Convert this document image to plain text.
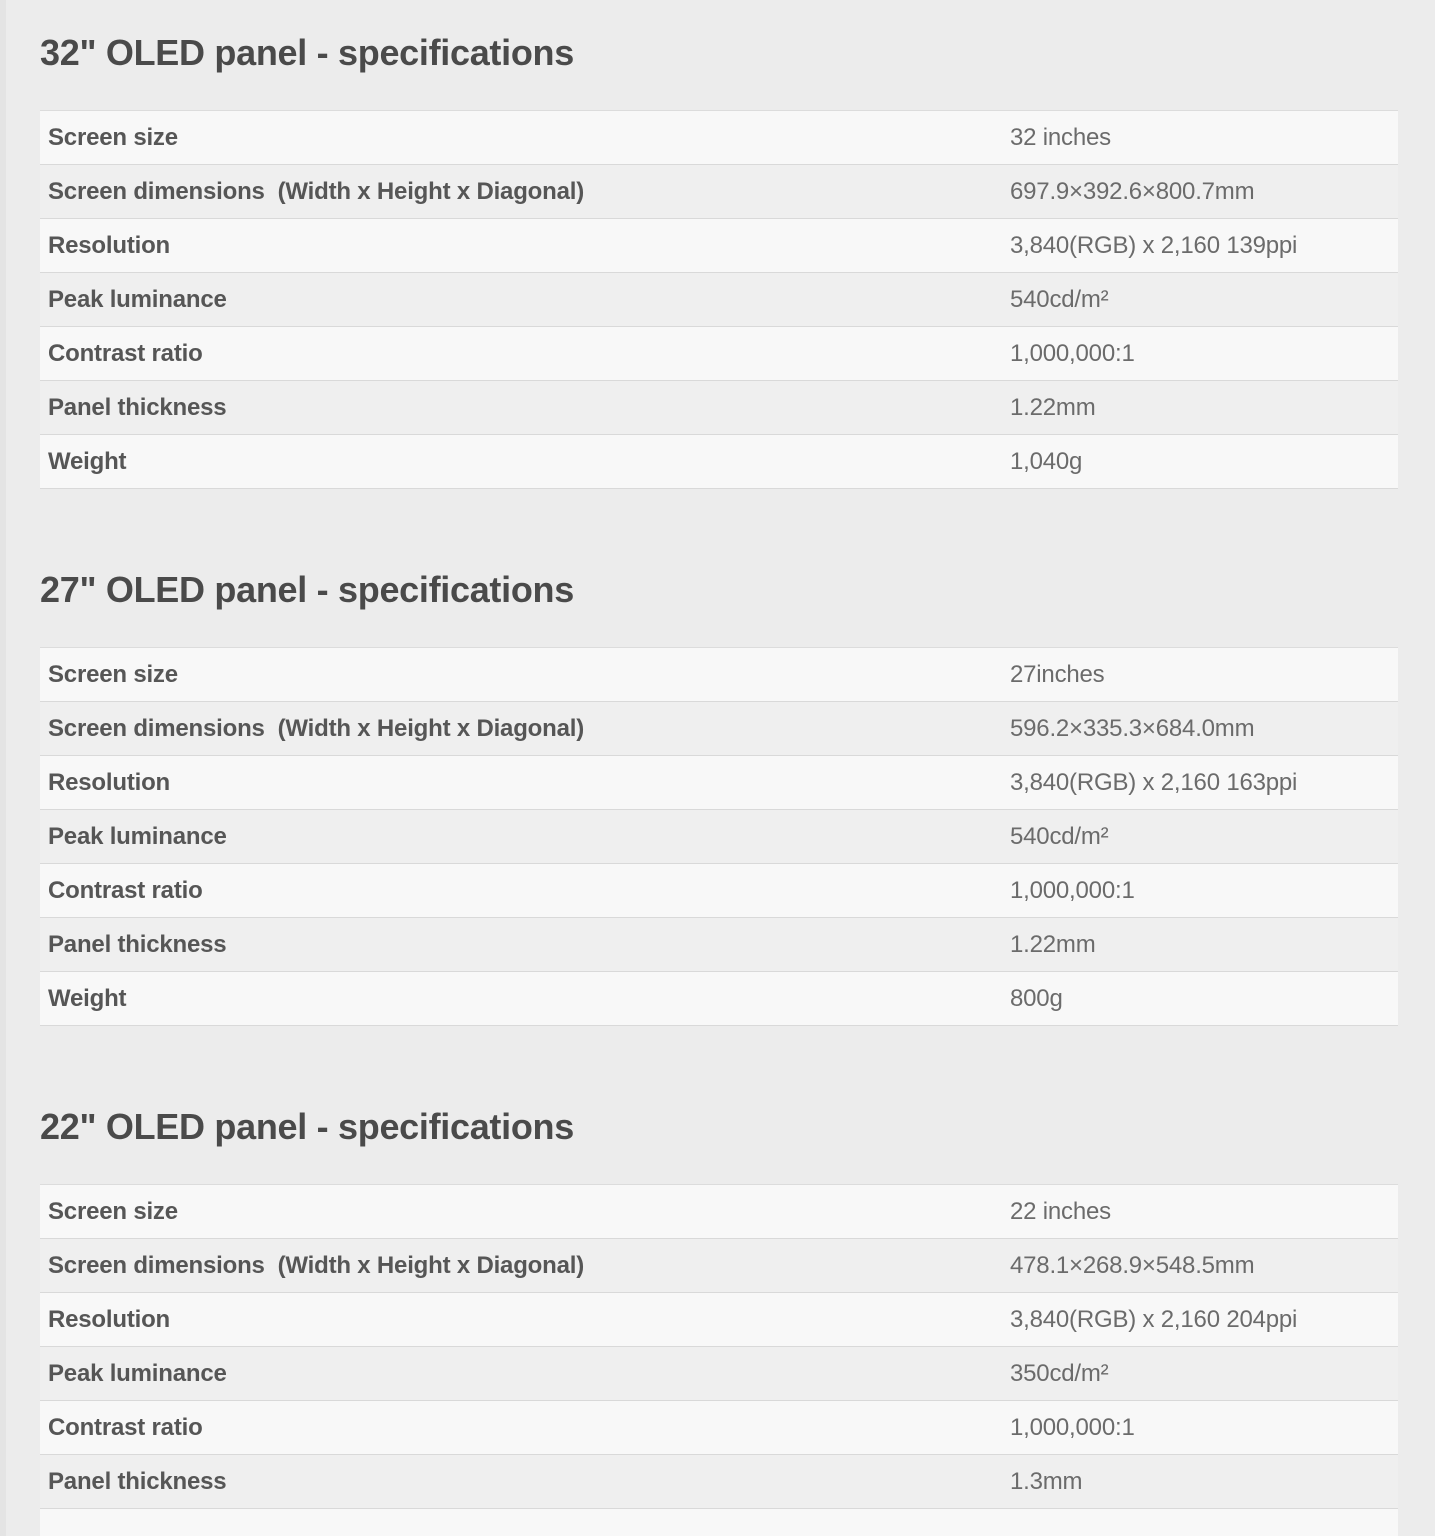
32" OLED panel - specifications
Screen size	32 inches
Screen dimensions  (Width x Height x Diagonal)	697.9×392.6×800.7mm
Resolution	3,840(RGB) x 2,160 139ppi
Peak luminance	540cd/m²
Contrast ratio	1,000,000:1
Panel thickness	1.22mm
Weight	1,040g
27" OLED panel - specifications
Screen size	27inches
Screen dimensions  (Width x Height x Diagonal)	596.2×335.3×684.0mm
Resolution	3,840(RGB) x 2,160 163ppi
Peak luminance	540cd/m²
Contrast ratio	1,000,000:1
Panel thickness	1.22mm
Weight	800g
22" OLED panel - specifications
Screen size	22 inches
Screen dimensions  (Width x Height x Diagonal)	478.1×268.9×548.5mm
Resolution	3,840(RGB) x 2,160 204ppi
Peak luminance	350cd/m²
Contrast ratio	1,000,000:1
Panel thickness	1.3mm
